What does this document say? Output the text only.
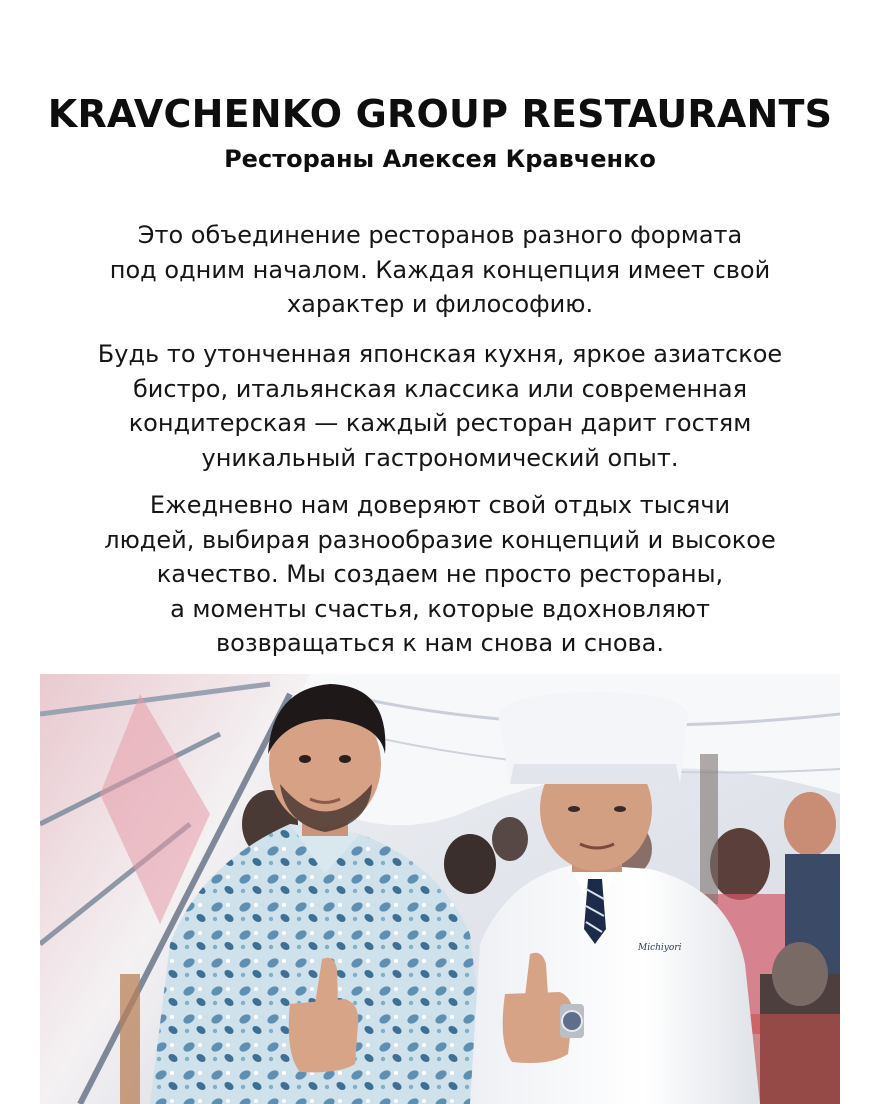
KRAVCHENKO GROUP RESTAURANTS
Рестораны Алексея Кравченко

Это объединение ресторанов разного формата
под одним началом. Каждая концепция имеет свой
характер и философию.

Будь то утонченная японская кухня, яркое азиатское
бистро, итальянская классика или современная
кондитерская — каждый ресторан дарит гостям
уникальный гастрономический опыт.

Ежедневно нам доверяют свой отдых тысячи
людей, выбирая разнообразие концепций и высокое
качество. Мы создаем не просто рестораны,
а моменты счастья, которые вдохновляют
возвращаться к нам снова и снова.

Michiyori
